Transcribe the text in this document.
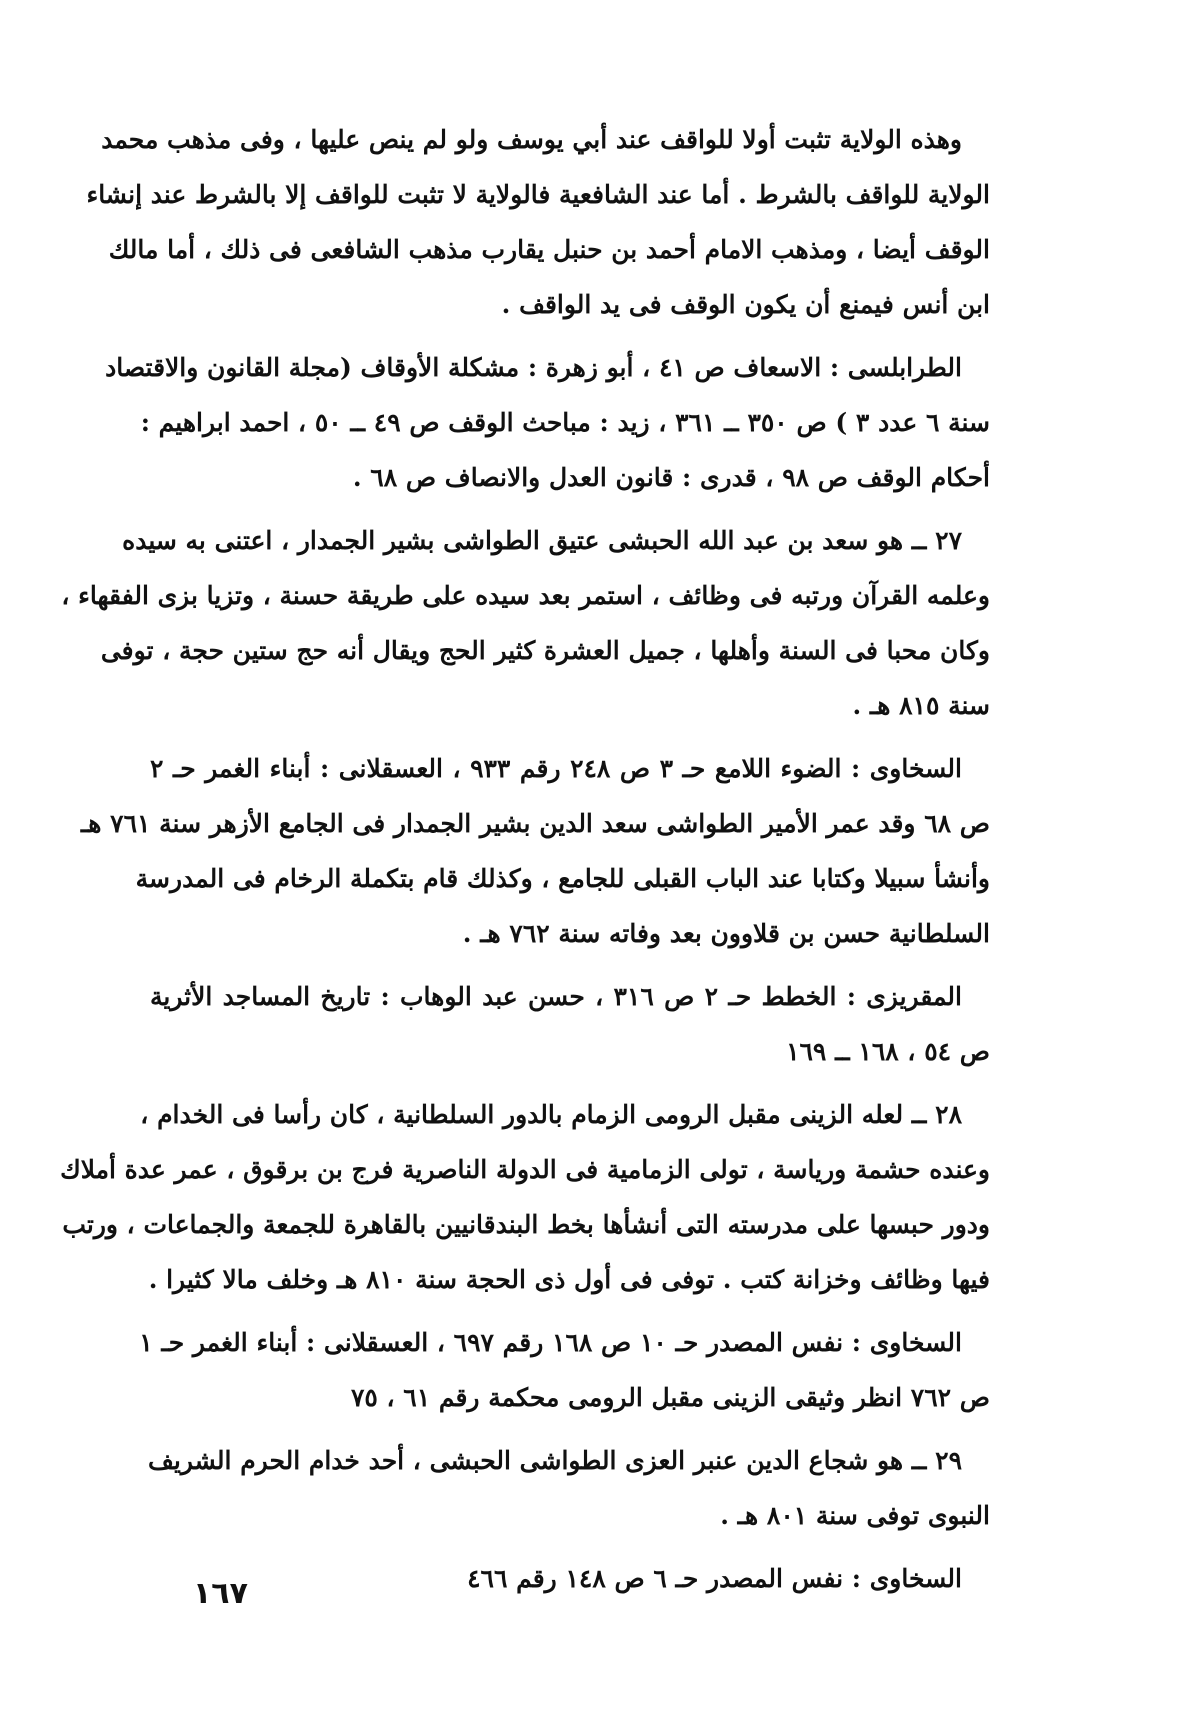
وهذه الولاية تثبت أولا للواقف عند أبي يوسف ولو لم ينص عليها ، وفى مذهب محمد
الولاية للواقف بالشرط . أما عند الشافعية فالولاية لا تثبت للواقف إلا بالشرط عند إنشاء
الوقف أيضا ، ومذهب الامام أحمد بن حنبل يقارب مذهب الشافعى فى ذلك ، أما مالك
ابن أنس فيمنع أن يكون الوقف فى يد الواقف .
الطرابلسى : الاسعاف ص ٤١ ، أبو زهرة : مشكلة الأوقاف (مجلة القانون والاقتصاد
سنة ٦ عدد ٣ ) ص ٣٥٠ ــ ٣٦١ ، زيد : مباحث الوقف ص ٤٩ ــ ٥٠ ، احمد ابراهيم :
أحكام الوقف ص ٩٨ ، قدرى : قانون العدل والانصاف ص ٦٨ .
٢٧ ــ هو سعد بن عبد الله الحبشى عتيق الطواشى بشير الجمدار ، اعتنى به سيده
وعلمه القرآن ورتبه فى وظائف ، استمر بعد سيده على طريقة حسنة ، وتزيا بزى الفقهاء ،
وكان محبا فى السنة وأهلها ، جميل العشرة كثير الحج ويقال أنه حج ستين حجة ، توفى
سنة ٨١٥ هـ .
السخاوى : الضوء اللامع حـ ٣ ص ٢٤٨ رقم ٩٣٣ ، العسقلانى : أبناء الغمر حـ ٢
ص ٦٨ وقد عمر الأمير الطواشى سعد الدين بشير الجمدار فى الجامع الأزهر سنة ٧٦١ هـ
وأنشأ سبيلا وكتابا عند الباب القبلى للجامع ، وكذلك قام بتكملة الرخام فى المدرسة
السلطانية حسن بن قلاوون بعد وفاته سنة ٧٦٢ هـ .
المقريزى : الخطط حـ ٢ ص ٣١٦ ، حسن عبد الوهاب : تاريخ المساجد الأثرية
ص ٥٤ ، ١٦٨ ــ ١٦٩
٢٨ ــ لعله الزينى مقبل الرومى الزمام بالدور السلطانية ، كان رأسا فى الخدام ،
وعنده حشمة ورياسة ، تولى الزمامية فى الدولة الناصرية فرج بن برقوق ، عمر عدة أملاك
ودور حبسها على مدرسته التى أنشأها بخط البندقانيين بالقاهرة للجمعة والجماعات ، ورتب
فيها وظائف وخزانة كتب . توفى فى أول ذى الحجة سنة ٨١٠ هـ وخلف مالا كثيرا .
السخاوى : نفس المصدر حـ ١٠ ص ١٦٨ رقم ٦٩٧ ، العسقلانى : أبناء الغمر حـ ١
ص ٧٦٢ انظر وثيقى الزينى مقبل الرومى محكمة رقم ٦١ ، ٧٥
٢٩ ــ هو شجاع الدين عنبر العزى الطواشى الحبشى ، أحد خدام الحرم الشريف
النبوى توفى سنة ٨٠١ هـ .
السخاوى : نفس المصدر حـ ٦ ص ١٤٨ رقم ٤٦٦
١٦٧
